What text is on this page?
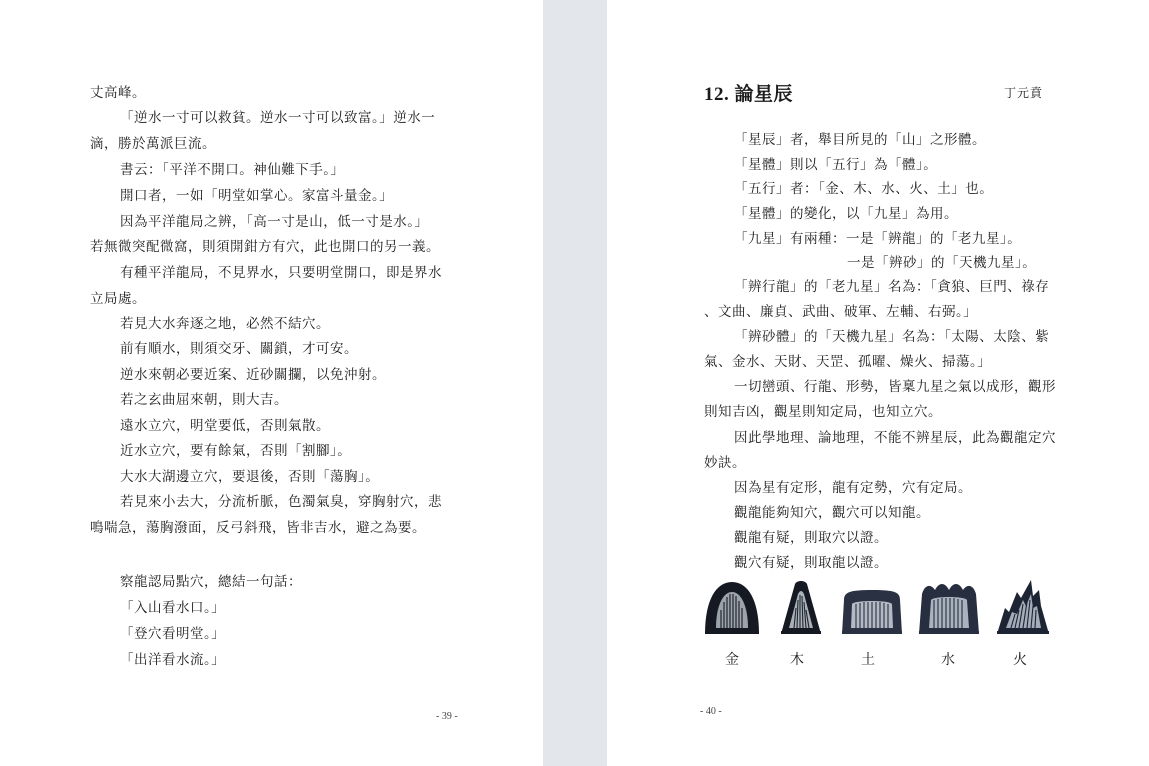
丈高峰。
「逆水一寸可以救貧。逆水一寸可以致富。」逆水一
滴，勝於萬派巨流。
書云：「平洋不開口。神仙難下手。」
開口者，一如「明堂如掌心。家富斗量金。」
因為平洋龍局之辨，「高一寸是山，低一寸是水。」
若無微突配微窩，則須開鉗方有穴，此也開口的另一義。
有種平洋龍局，不見界水，只要明堂開口，即是界水
立局處。
若見大水奔逐之地，必然不結穴。
前有順水，則須交牙、關鎖，才可安。
逆水來朝必要近案、近砂關攔，以免沖射。
若之玄曲屈來朝，則大吉。
遠水立穴，明堂要低，否則氣散。
近水立穴，要有餘氣，否則「割腳」。
大水大湖邊立穴，要退後，否則「蕩胸」。
若見來小去大，分流析脈，色濁氣臭，穿胸射穴，悲
鳴喘急，蕩胸潑面，反弓斜飛，皆非吉水，避之為要。
察龍認局點穴，總結一句話：
「入山看水口。」
「登穴看明堂。」
「出洋看水流。」
- 39 -
12. 論星辰	丁元賁
「星辰」者，舉目所見的「山」之形體。
「星體」則以「五行」為「體」。
「五行」者：「金、木、水、火、土」也。
「星體」的變化，以「九星」為用。
「九星」有兩種：一是「辨龍」的「老九星」。
一是「辨砂」的「天機九星」。
「辨行龍」的「老九星」名為：「貪狼、巨門、祿存
、文曲、廉貞、武曲、破軍、左輔、右弼。」
「辨砂體」的「天機九星」名為：「太陽、太陰、紫
氣、金水、天財、天罡、孤曜、燥火、掃蕩。」
一切巒頭、行龍、形勢，皆稟九星之氣以成形，觀形
則知吉凶，觀星則知定局，也知立穴。
因此學地理、論地理，不能不辨星辰，此為觀龍定穴
妙訣。
因為星有定形，龍有定勢，穴有定局。
觀龍能夠知穴，觀穴可以知龍。
觀龍有疑，則取穴以證。
觀穴有疑，則取龍以證。
金	木	土	水	火
- 40 -
